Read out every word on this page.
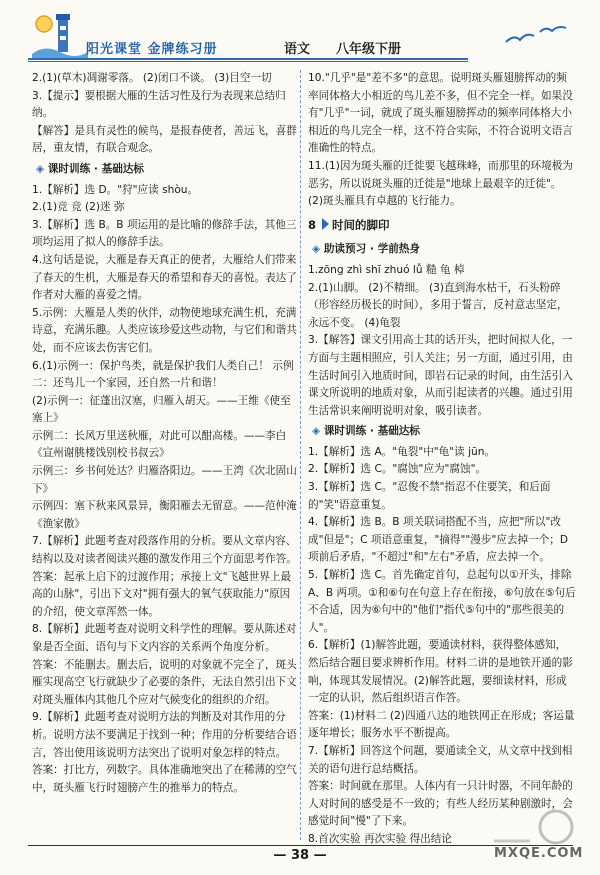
阳光课堂 金牌练习册	语文 八年级下册

2.(1)(草木)凋谢零落。 (2)闭口不谈。 (3)目空一切

3.【提示】要根据大雁的生活习性及行为表现来总结归纳。

【解答】是具有灵性的候鸟，是报春使者，善远飞，喜群居，重友情，有联合观念。

◈ 课时训练 · 基础达标

1.【解析】选 D。"狩"应读 shòu。

2.(1)竞 竞 (2)迷 弥

3.【解析】选 B。B 项运用的是比喻的修辞手法，其他三项均运用了拟人的修辞手法。

4.这句话是说，大雁是春天真正的使者，大雁给人们带来了春天的生机，大雁是春天的希望和春天的喜悦。表达了作者对大雁的喜爱之情。

5.示例：大雁是人类的伙伴，动物使地球充满生机，充满诗意，充满乐趣。人类应该珍爱这些动物，与它们和谐共处，而不应该去伤害它们。

6.(1)示例一：保护鸟类，就是保护我们人类自己！ 示例二：还鸟儿一个家园，还自然一片和谐！

(2)示例一：征蓬出汉塞，归雁入胡天。——王维《使至塞上》

示例二：长风万里送秋雁，对此可以酣高楼。——李白《宣州谢朓楼饯别校书叔云》

示例三：乡书何处达？归雁洛阳边。——王湾《次北固山下》

示例四：塞下秋来风景异，衡阳雁去无留意。——范仲淹《渔家傲》

7.【解析】此题考查对段落作用的分析。要从文章内容、结构以及对读者阅读兴趣的激发作用三个方面思考作答。

答案：起承上启下的过渡作用；承接上文"飞越世界上最高的山脉"，引出下文对"拥有强大的氧气获取能力"原因的介绍，使文章浑然一体。

8.【解析】此题考查对说明文科学性的理解。要从陈述对象是否全面、语句与下文内容的关系两个角度分析。

答案：不能删去。删去后，说明的对象就不完全了，斑头雁实现高空飞行就缺少了必要的条件，无法自然引出下文对斑头雁体内其他几个应对气候变化的组织的介绍。

9.【解析】此题考查对说明方法的判断及对其作用的分析。说明方法不要满足于找到一种；作用的分析要结合语言，答出使用该说明方法突出了说明对象怎样的特点。

答案：打比方，列数字。具体准确地突出了在稀薄的空气中，斑头雁飞行时翅膀产生的推举力的特点。

10."几乎"是"差不多"的意思。说明斑头雁翅膀挥动的频率同体格大小相近的鸟儿差不多，但不完全一样。如果没有"几乎"一词，就成了斑头雁翅膀挥动的频率同体格大小相近的鸟儿完全一样，这不符合实际，不符合说明文语言准确性的特点。

11.(1)因为斑头雁的迁徙要飞越珠峰，而那里的环境极为恶劣，所以说斑头雁的迁徙是"地球上最艰辛的迁徙"。

(2)斑头雁具有卓越的飞行能力。

8 时间的脚印
◈ 助读预习 · 学前热身

1.zōng zhì shī zhuó lǚ 糙 龟 棹

2.(1)山脚。 (2)不精细。 (3)直到海水枯干，石头粉碎（形容经历极长的时间），多用于誓言，反衬意志坚定，永远不变。 (4)龟裂

3.【解答】课文引用高士其的话开头，把时间拟人化，一方面与主题相照应，引人关注；另一方面，通过引用，由生活时间引入地质时间，即岩石记录的时间，由生活引入课文所说明的地质对象，从而引起读者的兴趣。通过引用生活常识来阐明说明对象，吸引读者。

◈ 课时训练 · 基础达标

1.【解析】选 A。"龟裂"中"龟"读 jūn。

2.【解析】选 C。"腐蚀"应为"腐蚀"。

3.【解析】选 C。"忍俊不禁"指忍不住要笑，和后面的"笑"语意重复。

4.【解析】选 B。B 项关联词搭配不当，应把"所以"改成"但是"；C 项语意重复，"摘得""漫步"应去掉一个；D 项前后矛盾，"不超过"和"左右"矛盾，应去掉一个。

5.【解析】选 C。首先确定首句，总起句以①开头，排除 A、B 两项。①和⑥句在句意上存在衔接，⑥句放在⑤句后不合适，因为⑥句中的"他们"指代⑤句中的"那些很美的人"。

6.【解析】(1)解答此题，要通读材料，获得整体感知，然后结合题目要求辨析作用。材料二讲的是地铁开通的影响，体现其发展情况。(2)解答此题，要细读材料，形成一定的认识，然后组织语言作答。

答案：(1)材料二 (2)四通八达的地铁网正在形成；客运量逐年增长；服务水平不断提高。

7.【解析】回答这个问题，要通读全文，从文章中找到相关的语句进行总结概括。

答案：时间就在那里。人体内有一只计时器，不同年龄的人对时间的感受是不一致的；有些人经历某种剧激时，会感觉时间"慢"了下来。

8.首次实验 再次实验 得出结论

MXQE.COM
— 38 —
